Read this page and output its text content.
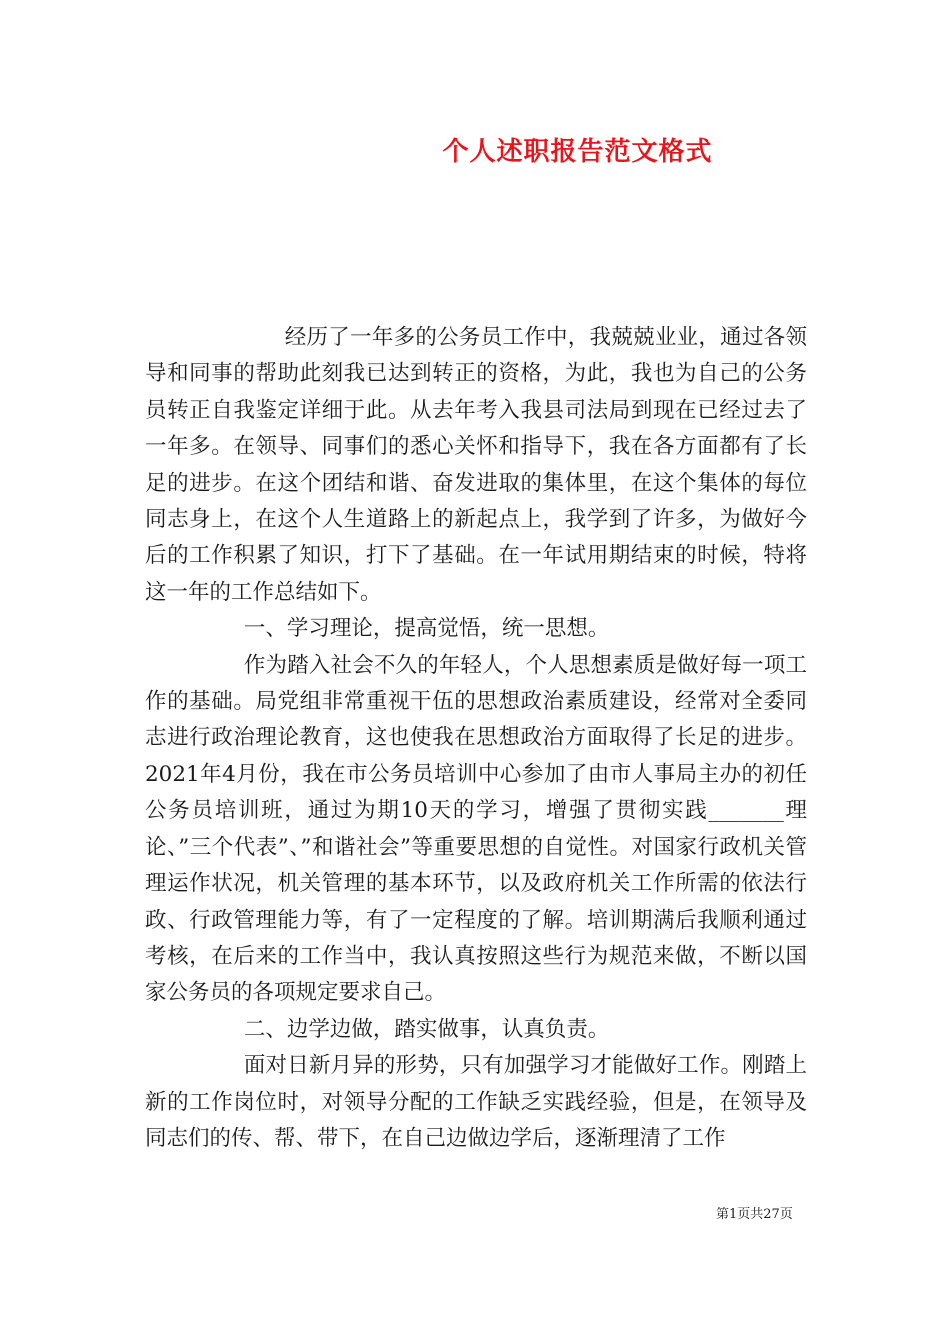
个人述职报告范文格式

经历了一年多的公务员工作中，我兢兢业业，通过各领导和同事的帮助此刻我已达到转正的资格，为此，我也为自己的公务员转正自我鉴定详细于此。从去年考入我县司法局到现在已经过去了一年多。在领导、同事们的悉心关怀和指导下，我在各方面都有了长足的进步。在这个团结和谐、奋发进取的集体里，在这个集体的每位同志身上，在这个人生道路上的新起点上，我学到了许多，为做好今后的工作积累了知识，打下了基础。在一年试用期结束的时候，特将这一年的工作总结如下。

一、学习理论，提高觉悟，统一思想。

作为踏入社会不久的年轻人，个人思想素质是做好每一项工作的基础。局党组非常重视干伍的思想政治素质建设，经常对全委同志进行政治理论教育，这也使我在思想政治方面取得了长足的进步。2021年4月份，我在市公务员培训中心参加了由市人事局主办的初任公务员培训班，通过为期10天的学习，增强了贯彻实践_______理论、”三个代表”、”和谐社会”等重要思想的自觉性。对国家行政机关管理运作状况，机关管理的基本环节，以及政府机关工作所需的依法行政、行政管理能力等，有了一定程度的了解。培训期满后我顺利通过考核，在后来的工作当中，我认真按照这些行为规范来做，不断以国家公务员的各项规定要求自己。

二、边学边做，踏实做事，认真负责。

面对日新月异的形势，只有加强学习才能做好工作。刚踏上新的工作岗位时，对领导分配的工作缺乏实践经验，但是，在领导及同志们的传、帮、带下，在自己边做边学后，逐渐理清了工作

第1页共27页
